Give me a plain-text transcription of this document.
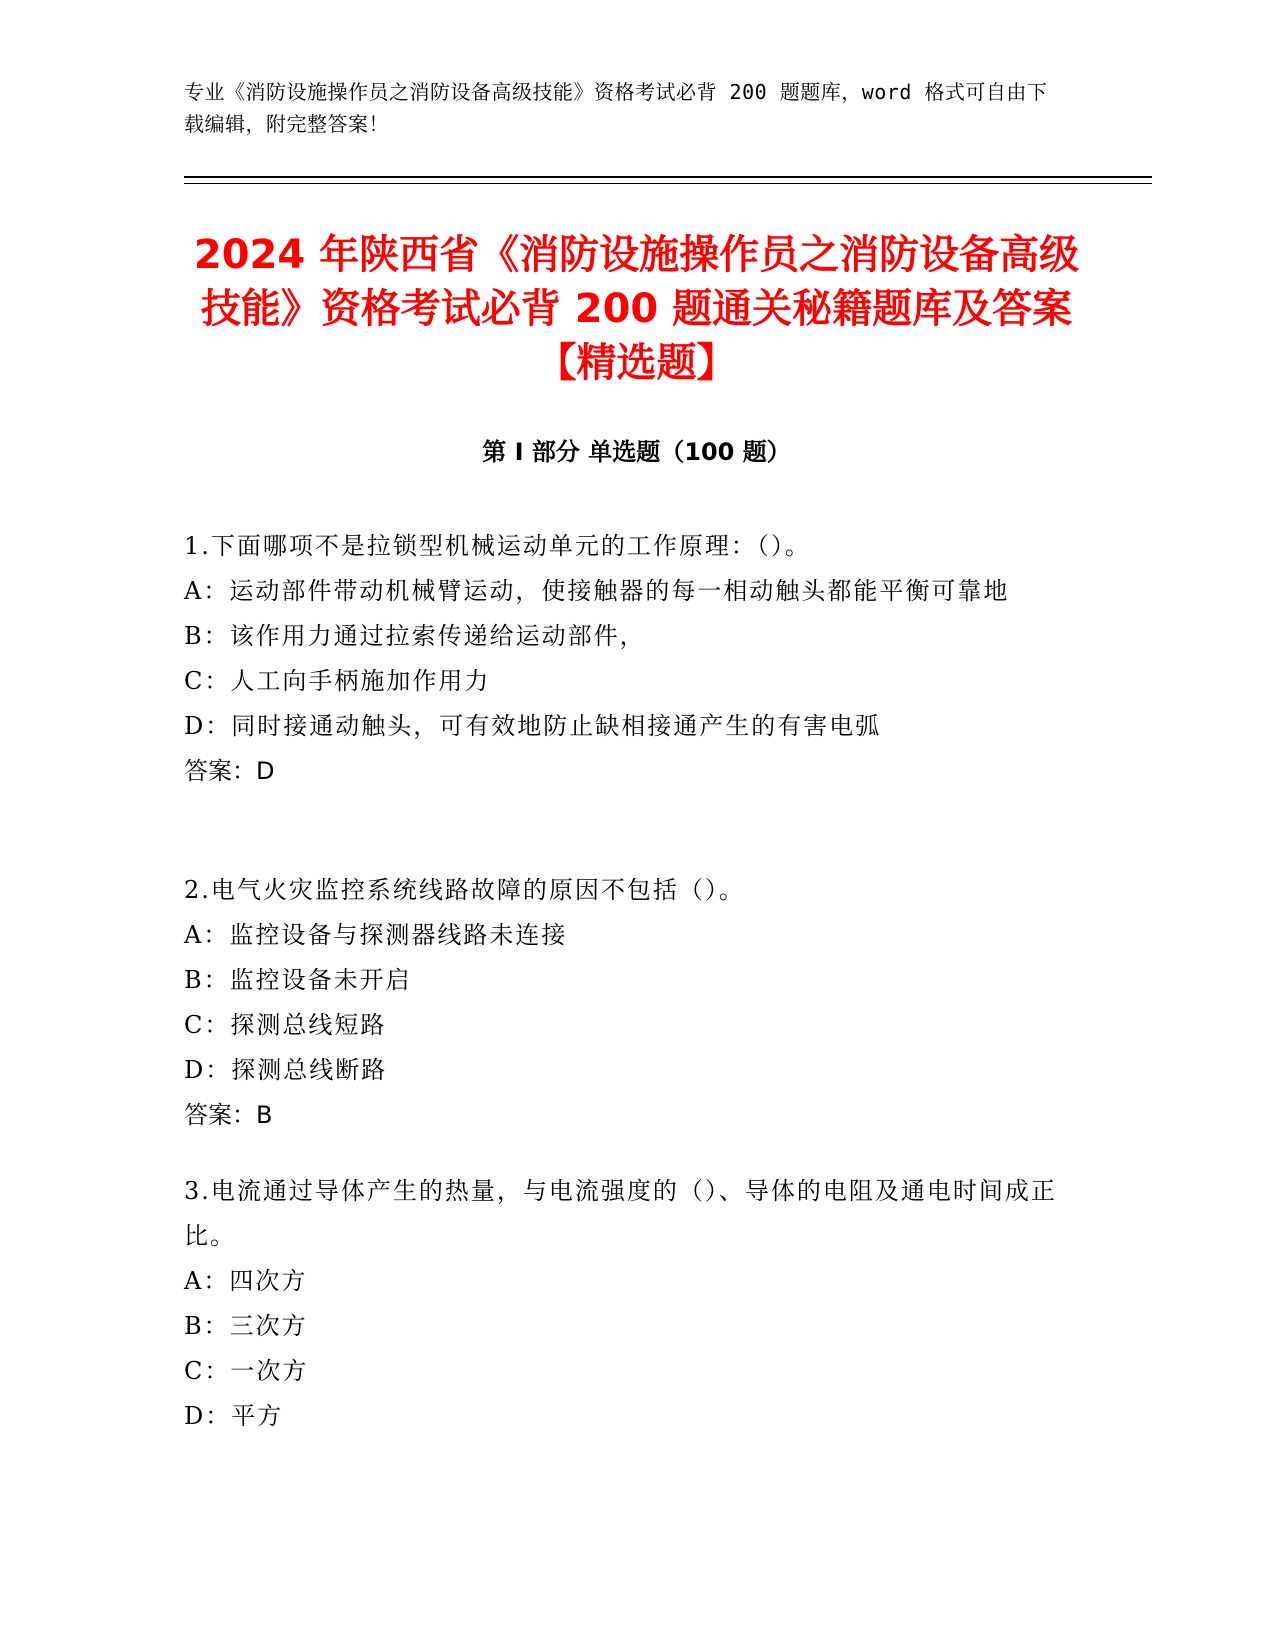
专业《消防设施操作员之消防设备高级技能》资格考试必背 200 题题库，word 格式可自由下载编辑，附完整答案！
2024 年陕西省《消防设施操作员之消防设备高级技能》资格考试必背 200 题通关秘籍题库及答案【精选题】
第 I 部分 单选题（100 题）
1.下面哪项不是拉锁型机械运动单元的工作原理：（）。
A：运动部件带动机械臂运动，使接触器的每一相动触头都能平衡可靠地
B：该作用力通过拉索传递给运动部件，
C：人工向手柄施加作用力
D：同时接通动触头，可有效地防止缺相接通产生的有害电弧
答案：D
2.电气火灾监控系统线路故障的原因不包括（）。
A：监控设备与探测器线路未连接
B：监控设备未开启
C：探测总线短路
D：探测总线断路
答案：B
3.电流通过导体产生的热量，与电流强度的（）、导体的电阻及通电时间成正比。
A：四次方
B：三次方
C：一次方
D：平方
